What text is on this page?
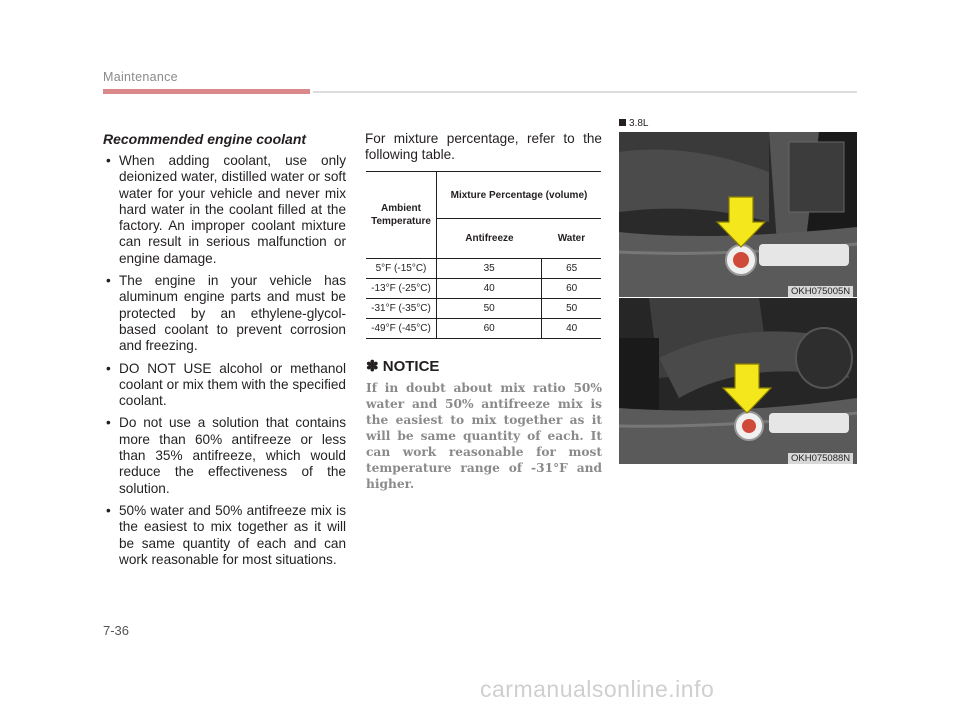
Maintenance
Recommended engine coolant
• When adding coolant, use only deionized water, distilled water or soft water for your vehicle and never mix hard water in the coolant filled at the factory. An improper coolant mixture can result in serious malfunction or engine damage.
• The engine in your vehicle has aluminum engine parts and must be protected by an ethylene-glycol-based coolant to prevent corrosion and freezing.
• DO NOT USE alcohol or methanol coolant or mix them with the specified coolant.
• Do not use a solution that contains more than 60% antifreeze or less than 35% antifreeze, which would reduce the effectiveness of the solution.
• 50% water and 50% antifreeze mix is the easiest to mix together as it will be same quantity of each and can work reasonable for most situations.

For mixture percentage, refer to the following table.

Ambient Temperature	Mixture Percentage (volume)	
	Antifreeze	Water
5°F (-15°C)	35	65
-13°F (-25°C)	40	60
-31°F (-35°C)	50	50
-49°F (-45°C)	60	40
✽ NOTICE
If in doubt about mix ratio 50% water and 50% antifreeze mix is the easiest to mix together as it will be same quantity of each. It can work reasonable for most temperature range of -31°F and higher.
3.8L
OKH075005N
OKH075088N
7-36
carmanualsonline.info
